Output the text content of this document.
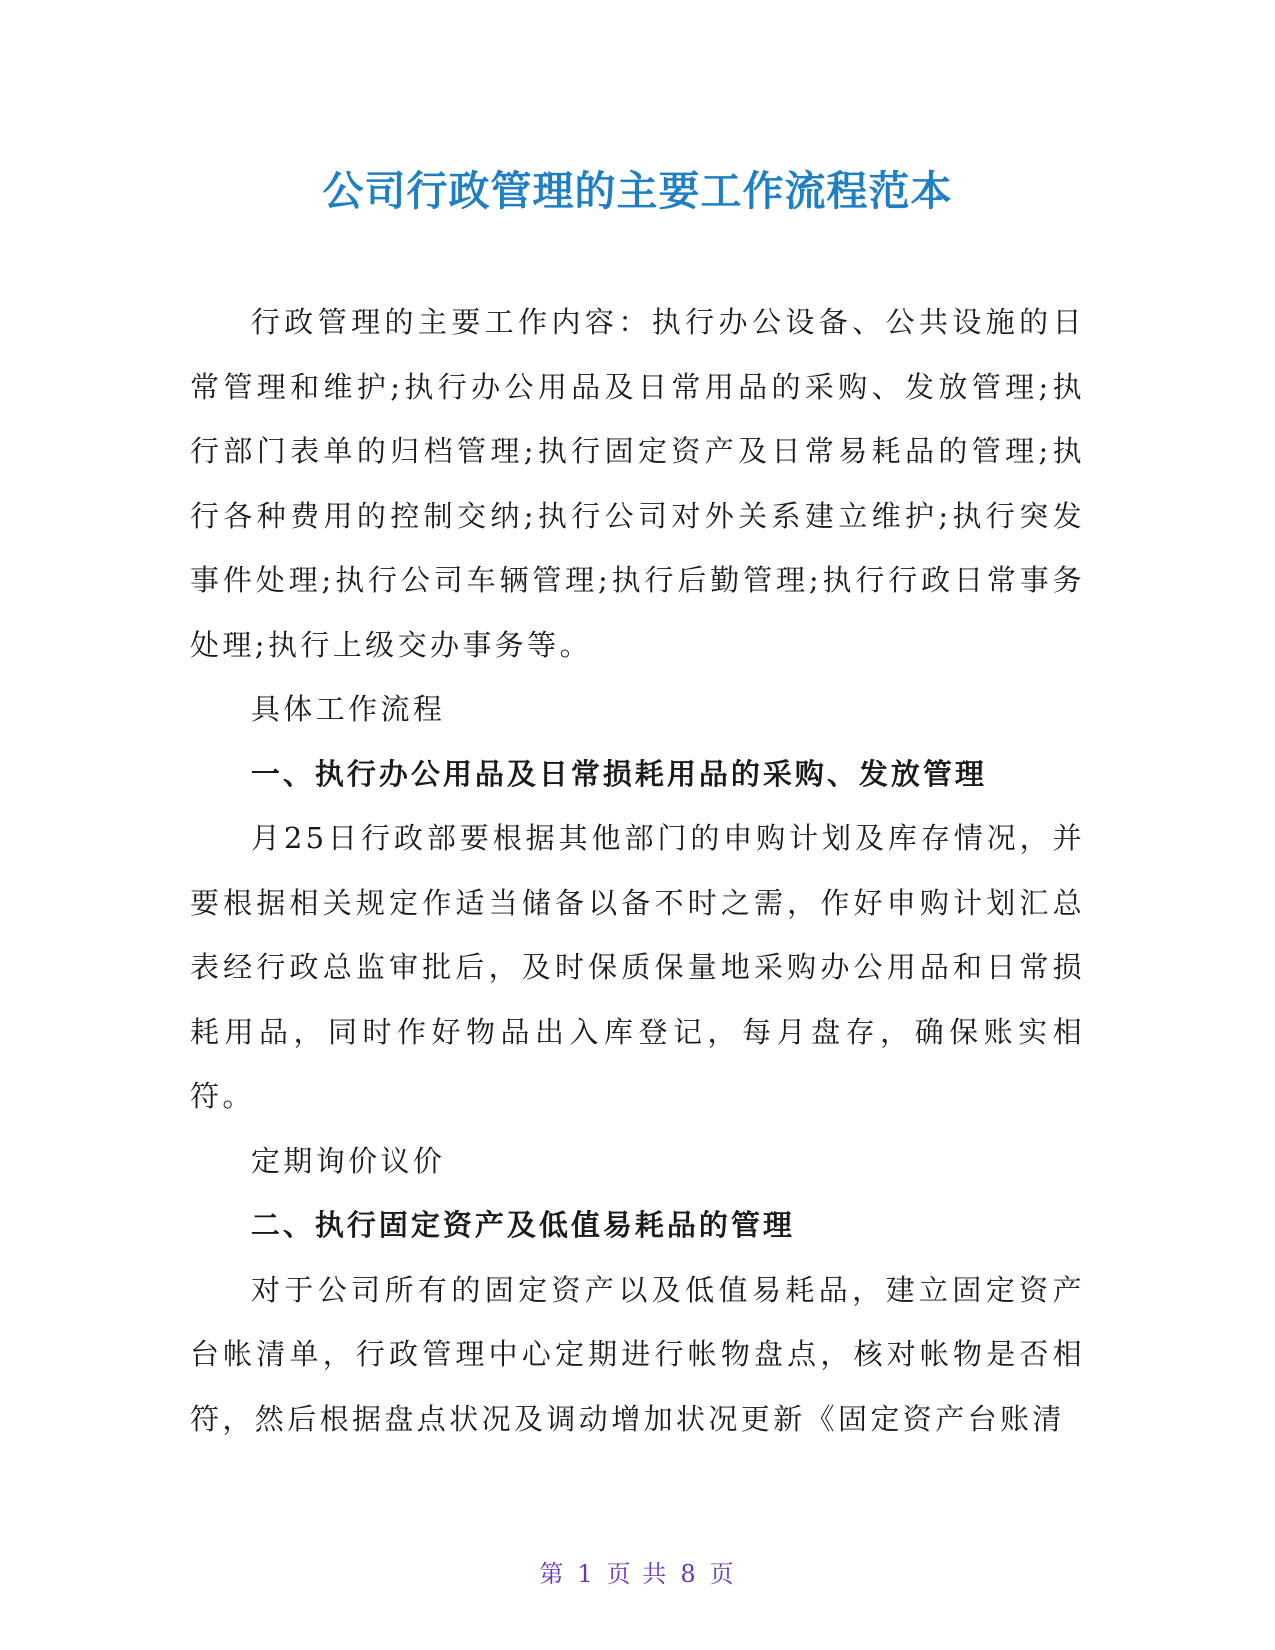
公司行政管理的主要工作流程范本

行政管理的主要工作内容：执行办公设备、公共设施的日常管理和维护;执行办公用品及日常用品的采购、发放管理;执行部门表单的归档管理;执行固定资产及日常易耗品的管理;执行各种费用的控制交纳;执行公司对外关系建立维护;执行突发事件处理;执行公司车辆管理;执行后勤管理;执行行政日常事务处理;执行上级交办事务等。

具体工作流程

一、执行办公用品及日常损耗用品的采购、发放管理

月25日行政部要根据其他部门的申购计划及库存情况，并要根据相关规定作适当储备以备不时之需，作好申购计划汇总表经行政总监审批后，及时保质保量地采购办公用品和日常损耗用品，同时作好物品出入库登记，每月盘存，确保账实相符。

定期询价议价

二、执行固定资产及低值易耗品的管理

对于公司所有的固定资产以及低值易耗品，建立固定资产台帐清单，行政管理中心定期进行帐物盘点，核对帐物是否相符，然后根据盘点状况及调动增加状况更新《固定资产台账清

第 1 页 共 8 页
